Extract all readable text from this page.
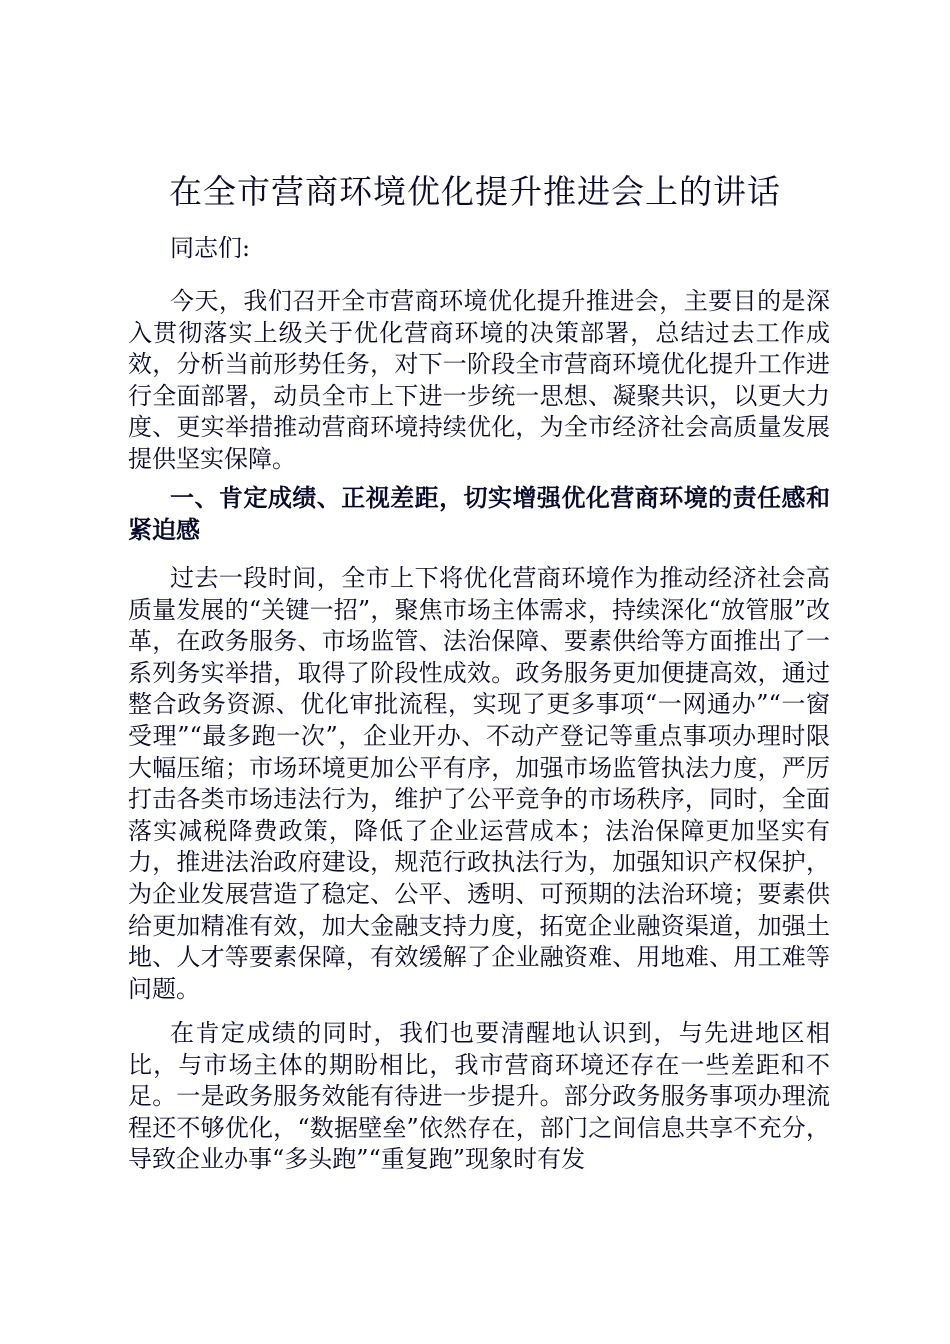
在全市营商环境优化提升推进会上的讲话
同志们:

今天，我们召开全市营商环境优化提升推进会，主要目的是深入贯彻落实上级关于优化营商环境的决策部署，总结过去工作成效，分析当前形势任务，对下一阶段全市营商环境优化提升工作进行全面部署，动员全市上下进一步统一思想、凝聚共识，以更大力度、更实举措推动营商环境持续优化，为全市经济社会高质量发展提供坚实保障。

一、肯定成绩、正视差距，切实增强优化营商环境的责任感和紧迫感

过去一段时间，全市上下将优化营商环境作为推动经济社会高质量发展的“关键一招”，聚焦市场主体需求，持续深化“放管服”改革，在政务服务、市场监管、法治保障、要素供给等方面推出了一系列务实举措，取得了阶段性成效。政务服务更加便捷高效，通过整合政务资源、优化审批流程，实现了更多事项“一网通办”“一窗受理”“最多跑一次”，企业开办、不动产登记等重点事项办理时限大幅压缩；市场环境更加公平有序，加强市场监管执法力度，严厉打击各类市场违法行为，维护了公平竞争的市场秩序，同时，全面落实减税降费政策，降低了企业运营成本；法治保障更加坚实有力，推进法治政府建设，规范行政执法行为，加强知识产权保护，为企业发展营造了稳定、公平、透明、可预期的法治环境；要素供给更加精准有效，加大金融支持力度，拓宽企业融资渠道，加强土地、人才等要素保障，有效缓解了企业融资难、用地难、用工难等问题。

在肯定成绩的同时，我们也要清醒地认识到，与先进地区相比，与市场主体的期盼相比，我市营商环境还存在一些差距和不足。一是政务服务效能有待进一步提升。部分政务服务事项办理流程还不够优化，“数据壁垒”依然存在，部门之间信息共享不充分，导致企业办事“多头跑”“重复跑”现象时有发
